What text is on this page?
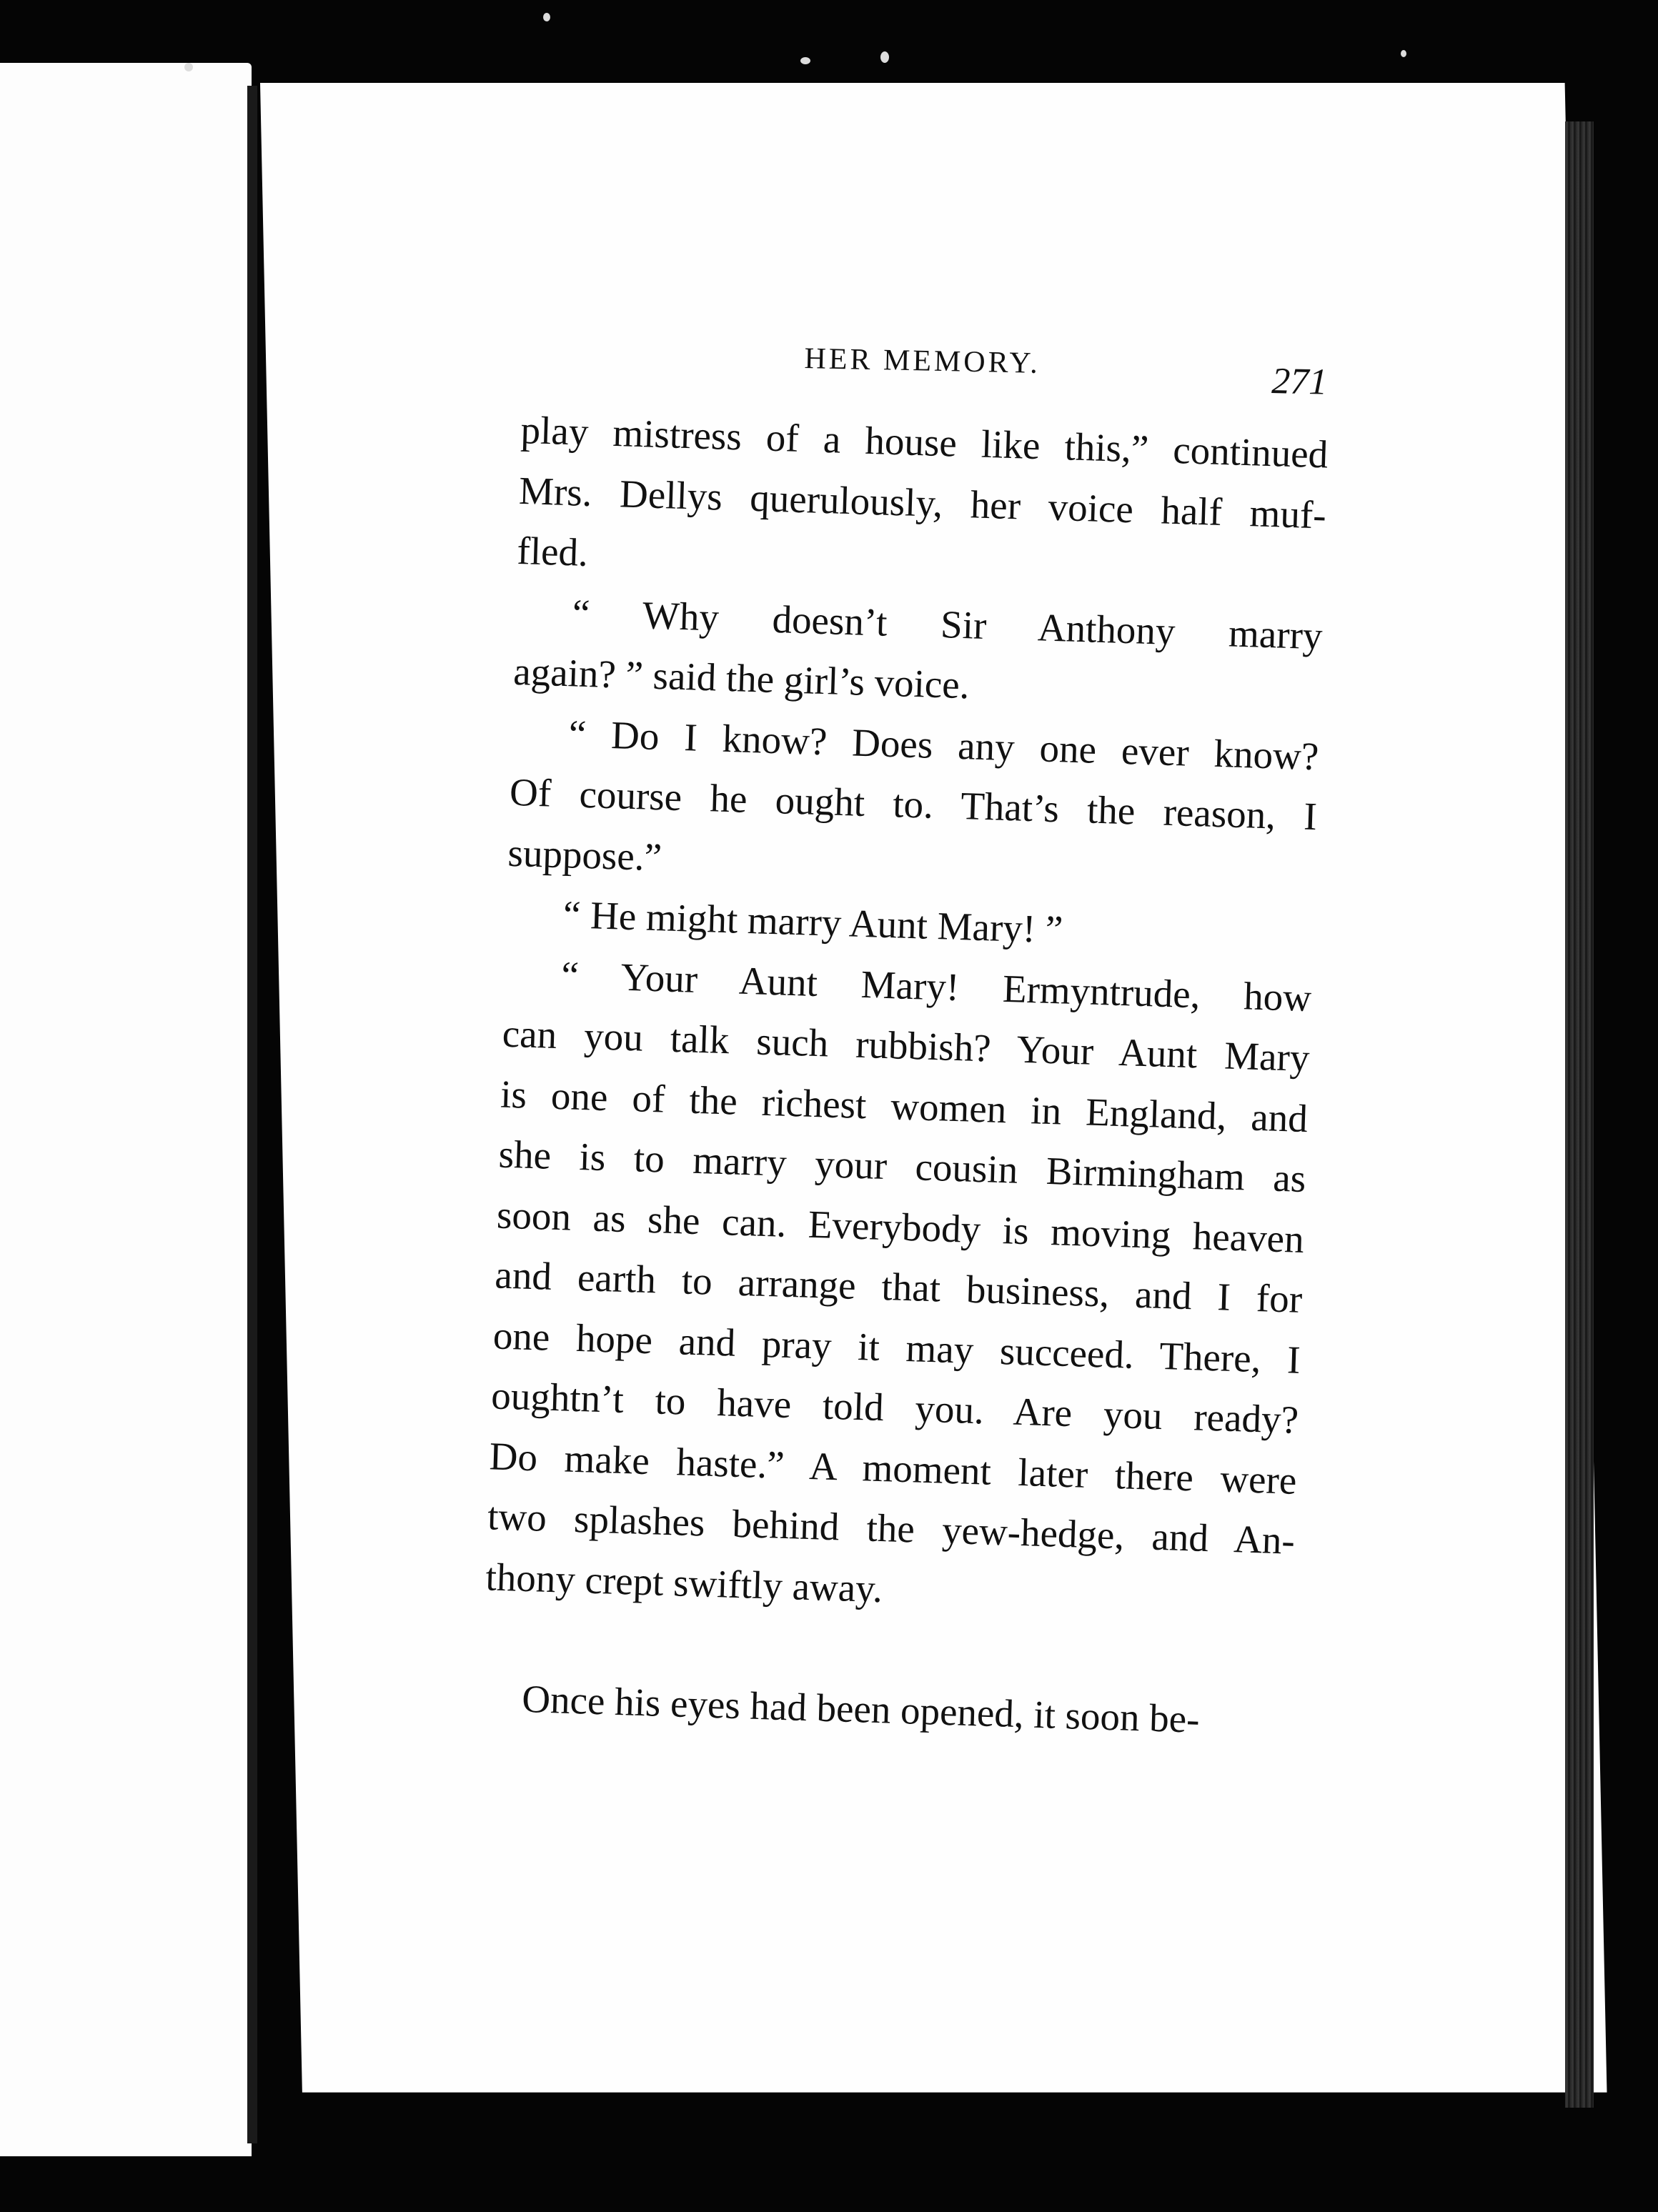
HER MEMORY.	271
play mistress of a house like this,” continued
Mrs. Dellys querulously, her voice half muf-
fled.
“ Why doesn’t Sir Anthony marry
again? ” said the girl’s voice.
“ Do I know? Does any one ever know?
Of course he ought to. That’s the reason, I
suppose.”
“ He might marry Aunt Mary! ”
“ Your Aunt Mary! Ermyntrude, how
can you talk such rubbish? Your Aunt Mary
is one of the richest women in England, and
she is to marry your cousin Birmingham as
soon as she can. Everybody is moving heaven
and earth to arrange that business, and I for
one hope and pray it may succeed. There, I
oughtn’t to have told you. Are you ready?
Do make haste.” A moment later there were
two splashes behind the yew-hedge, and An-
thony crept swiftly away.
Once his eyes had been opened, it soon be-
